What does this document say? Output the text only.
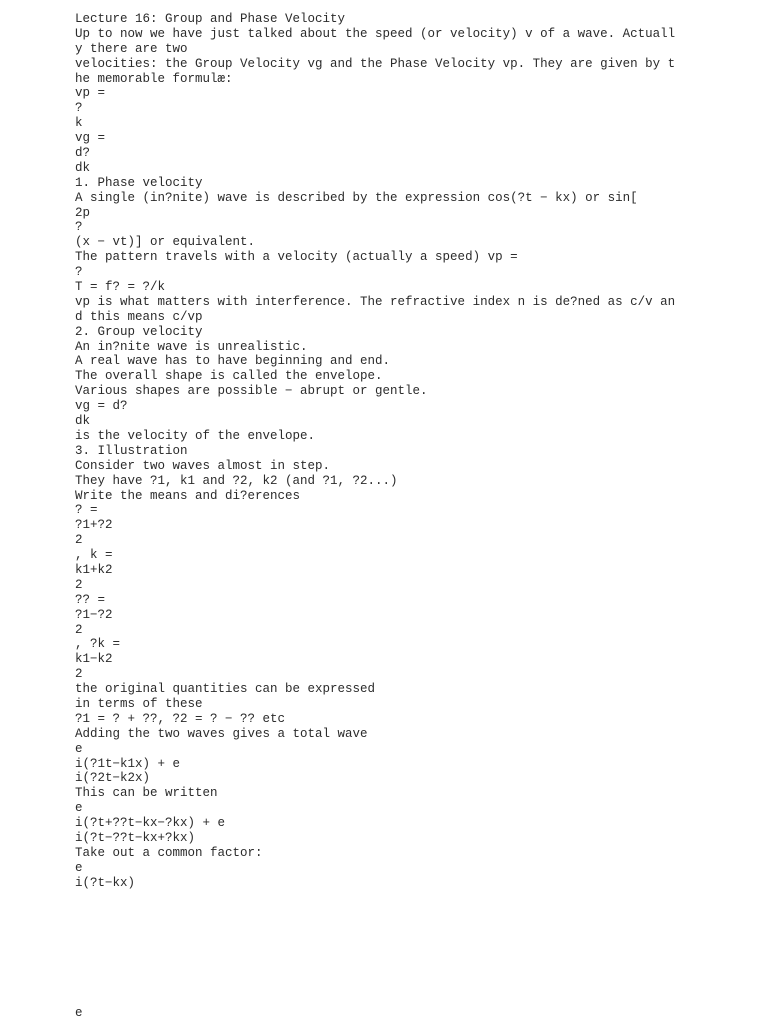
Lecture 16: Group and Phase Velocity
Up to now we have just talked about the speed (or velocity) v of a wave. Actuall
y there are two
velocities: the Group Velocity vg and the Phase Velocity vp. They are given by t
he memorable formulæ:
vp =
?
k
vg =
d?
dk
1. Phase velocity
A single (in?nite) wave is described by the expression cos(?t − kx) or sin[
2p
?
(x − vt)] or equivalent.
The pattern travels with a velocity (actually a speed) vp =
?
T = f? = ?/k
vp is what matters with interference. The refractive index n is de?ned as c/v an
d this means c/vp
2. Group velocity
An in?nite wave is unrealistic.
A real wave has to have beginning and end.
The overall shape is called the envelope.
Various shapes are possible − abrupt or gentle.
vg = d?
dk
is the velocity of the envelope.
3. Illustration
Consider two waves almost in step.
They have ?1, k1 and ?2, k2 (and ?1, ?2...)
Write the means and di?erences
? =
?1+?2
2
, k =
k1+k2
2
?? =
?1−?2
2
, ?k =
k1−k2
2
the original quantities can be expressed
in terms of these
?1 = ? + ??, ?2 = ? − ?? etc
Adding the two waves gives a total wave
e
i(?1t−k1x) + e
i(?2t−k2x)
This can be written
e
i(?t+??t−kx−?kx) + e
i(?t−??t−kx+?kx)
Take out a common factor:
e
i(?t−kx)
e
